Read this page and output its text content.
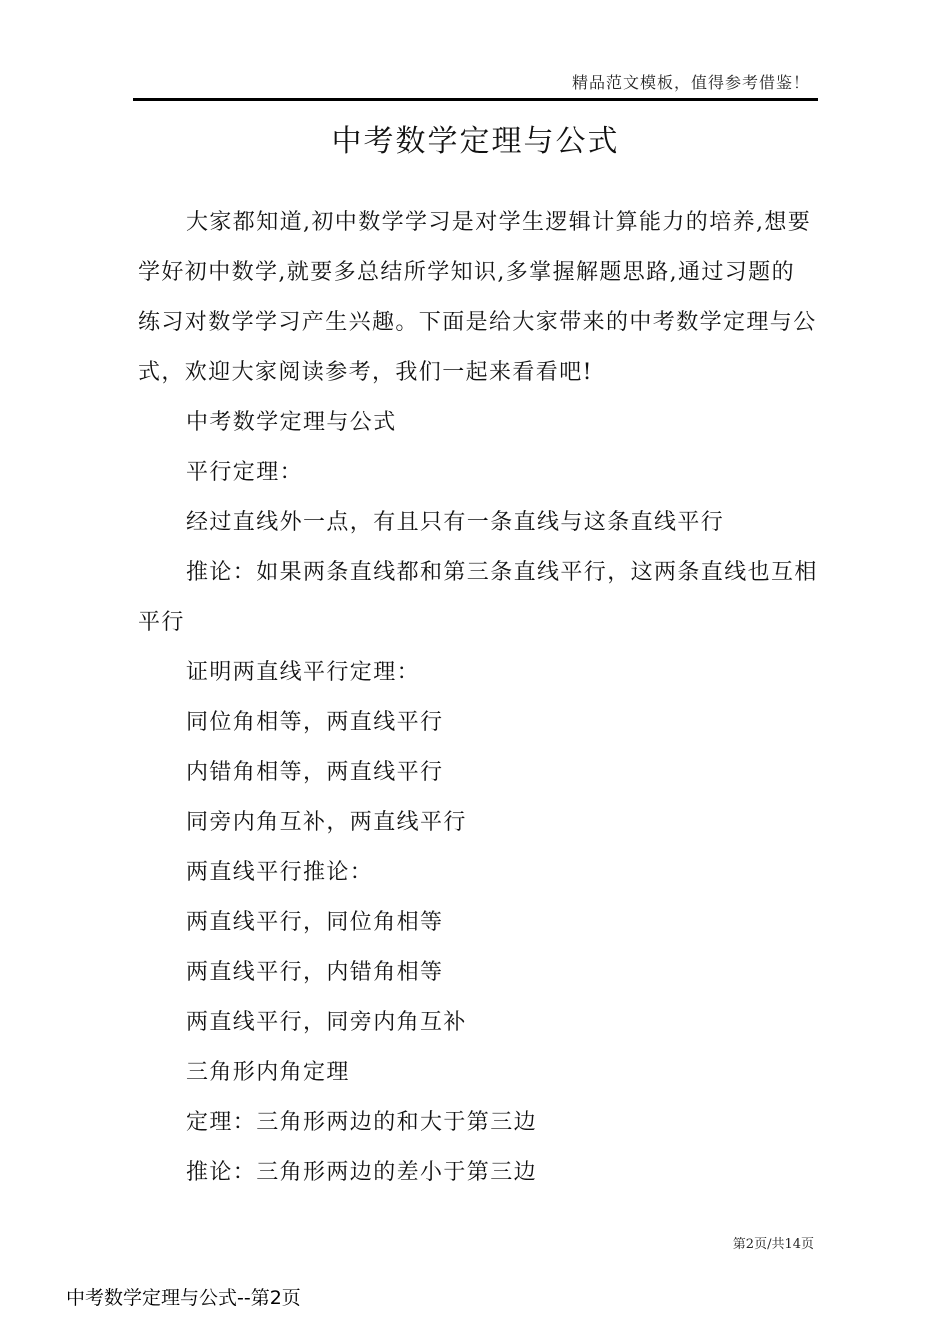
精品范文模板，值得参考借鉴！
中考数学定理与公式

大家都知道,初中数学学习是对学生逻辑计算能力的培养,想要学好初中数学,就要多总结所学知识,多掌握解题思路,通过习题的练习对数学学习产生兴趣。下面是给大家带来的中考数学定理与公式，欢迎大家阅读参考，我们一起来看看吧!

中考数学定理与公式

平行定理：

经过直线外一点，有且只有一条直线与这条直线平行

推论：如果两条直线都和第三条直线平行，这两条直线也互相平行

证明两直线平行定理：

同位角相等，两直线平行

内错角相等，两直线平行

同旁内角互补，两直线平行

两直线平行推论：

两直线平行，同位角相等

两直线平行，内错角相等

两直线平行，同旁内角互补

三角形内角定理

定理：三角形两边的和大于第三边

推论：三角形两边的差小于第三边

第2页/共14页
中考数学定理与公式--第2页
